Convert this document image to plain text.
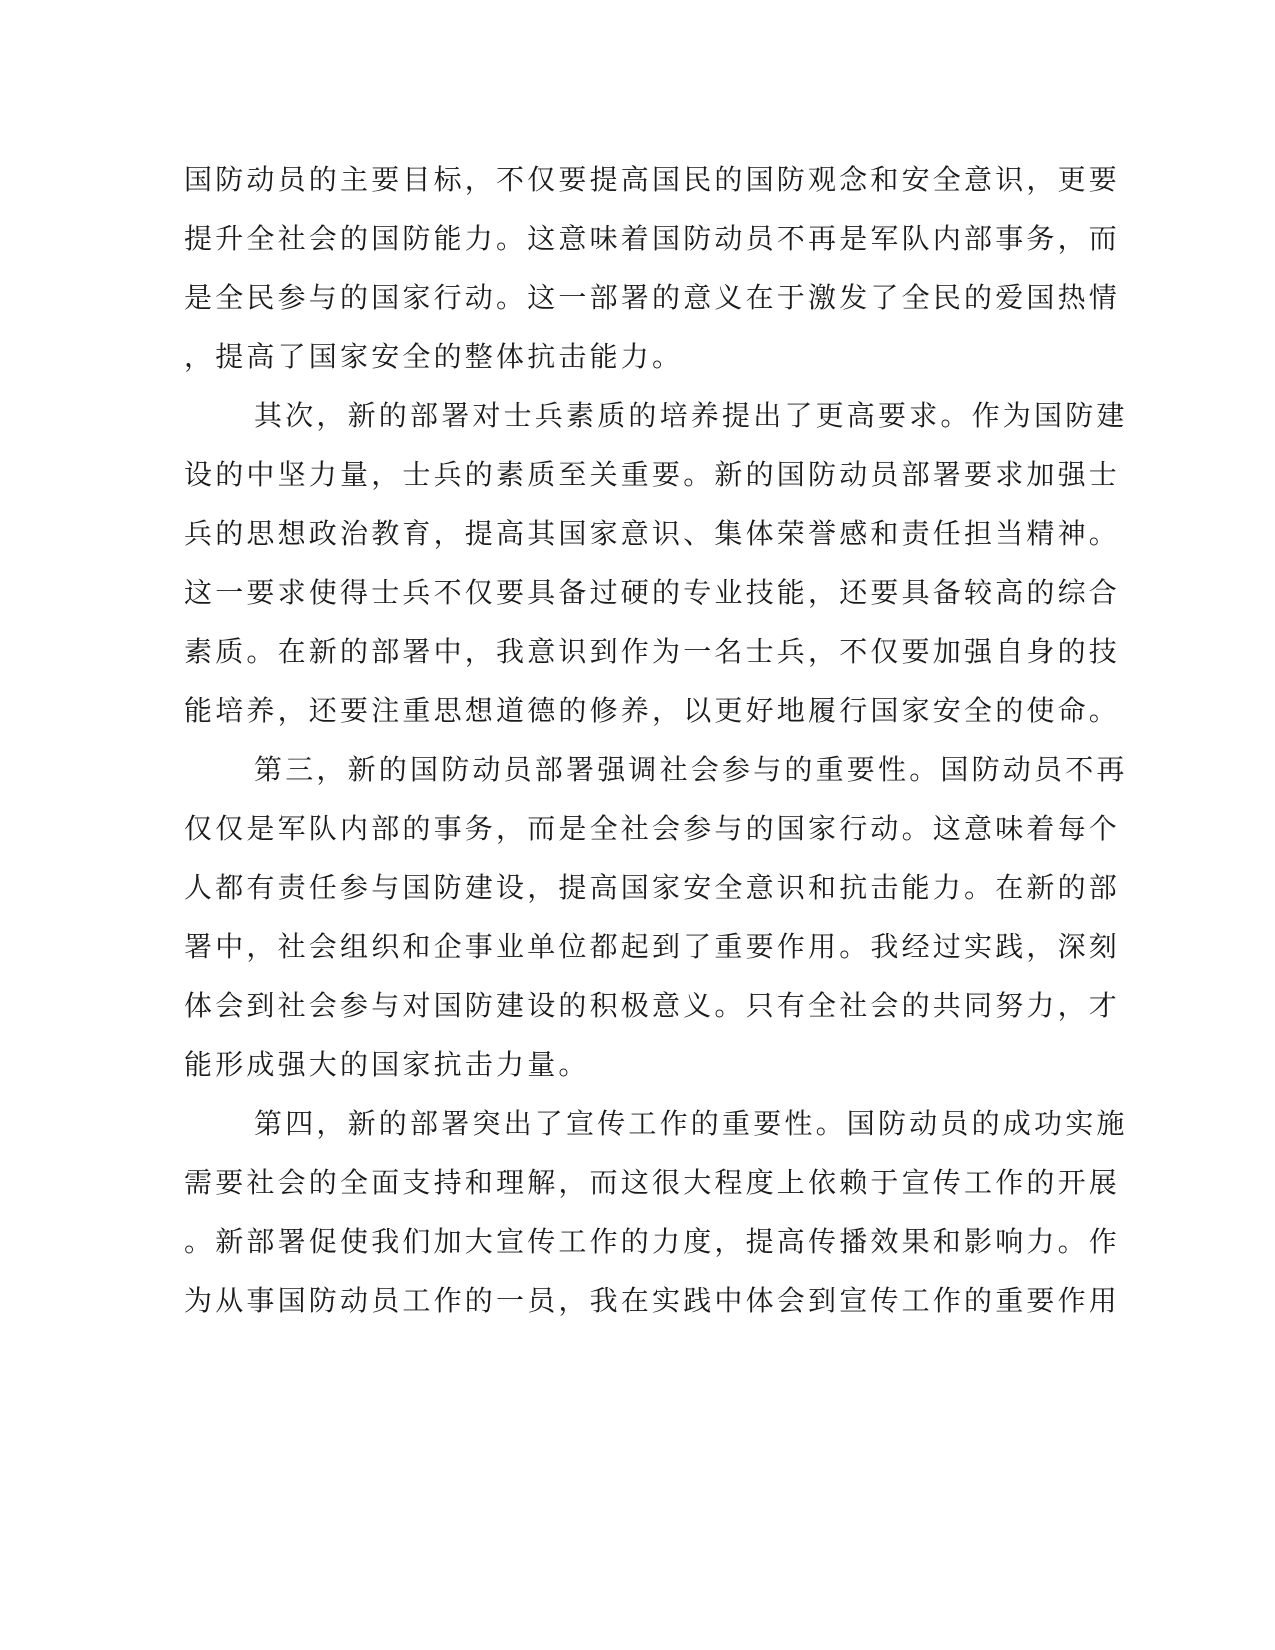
国防动员的主要目标，不仅要提高国民的国防观念和安全意识，更要
提升全社会的国防能力。这意味着国防动员不再是军队内部事务，而
是全民参与的国家行动。这一部署的意义在于激发了全民的爱国热情
，提高了国家安全的整体抗击能力。
其次，新的部署对士兵素质的培养提出了更高要求。作为国防建
设的中坚力量，士兵的素质至关重要。新的国防动员部署要求加强士
兵的思想政治教育，提高其国家意识、集体荣誉感和责任担当精神。
这一要求使得士兵不仅要具备过硬的专业技能，还要具备较高的综合
素质。在新的部署中，我意识到作为一名士兵，不仅要加强自身的技
能培养，还要注重思想道德的修养，以更好地履行国家安全的使命。
第三，新的国防动员部署强调社会参与的重要性。国防动员不再
仅仅是军队内部的事务，而是全社会参与的国家行动。这意味着每个
人都有责任参与国防建设，提高国家安全意识和抗击能力。在新的部
署中，社会组织和企事业单位都起到了重要作用。我经过实践，深刻
体会到社会参与对国防建设的积极意义。只有全社会的共同努力，才
能形成强大的国家抗击力量。
第四，新的部署突出了宣传工作的重要性。国防动员的成功实施
需要社会的全面支持和理解，而这很大程度上依赖于宣传工作的开展
。新部署促使我们加大宣传工作的力度，提高传播效果和影响力。作
为从事国防动员工作的一员，我在实践中体会到宣传工作的重要作用
